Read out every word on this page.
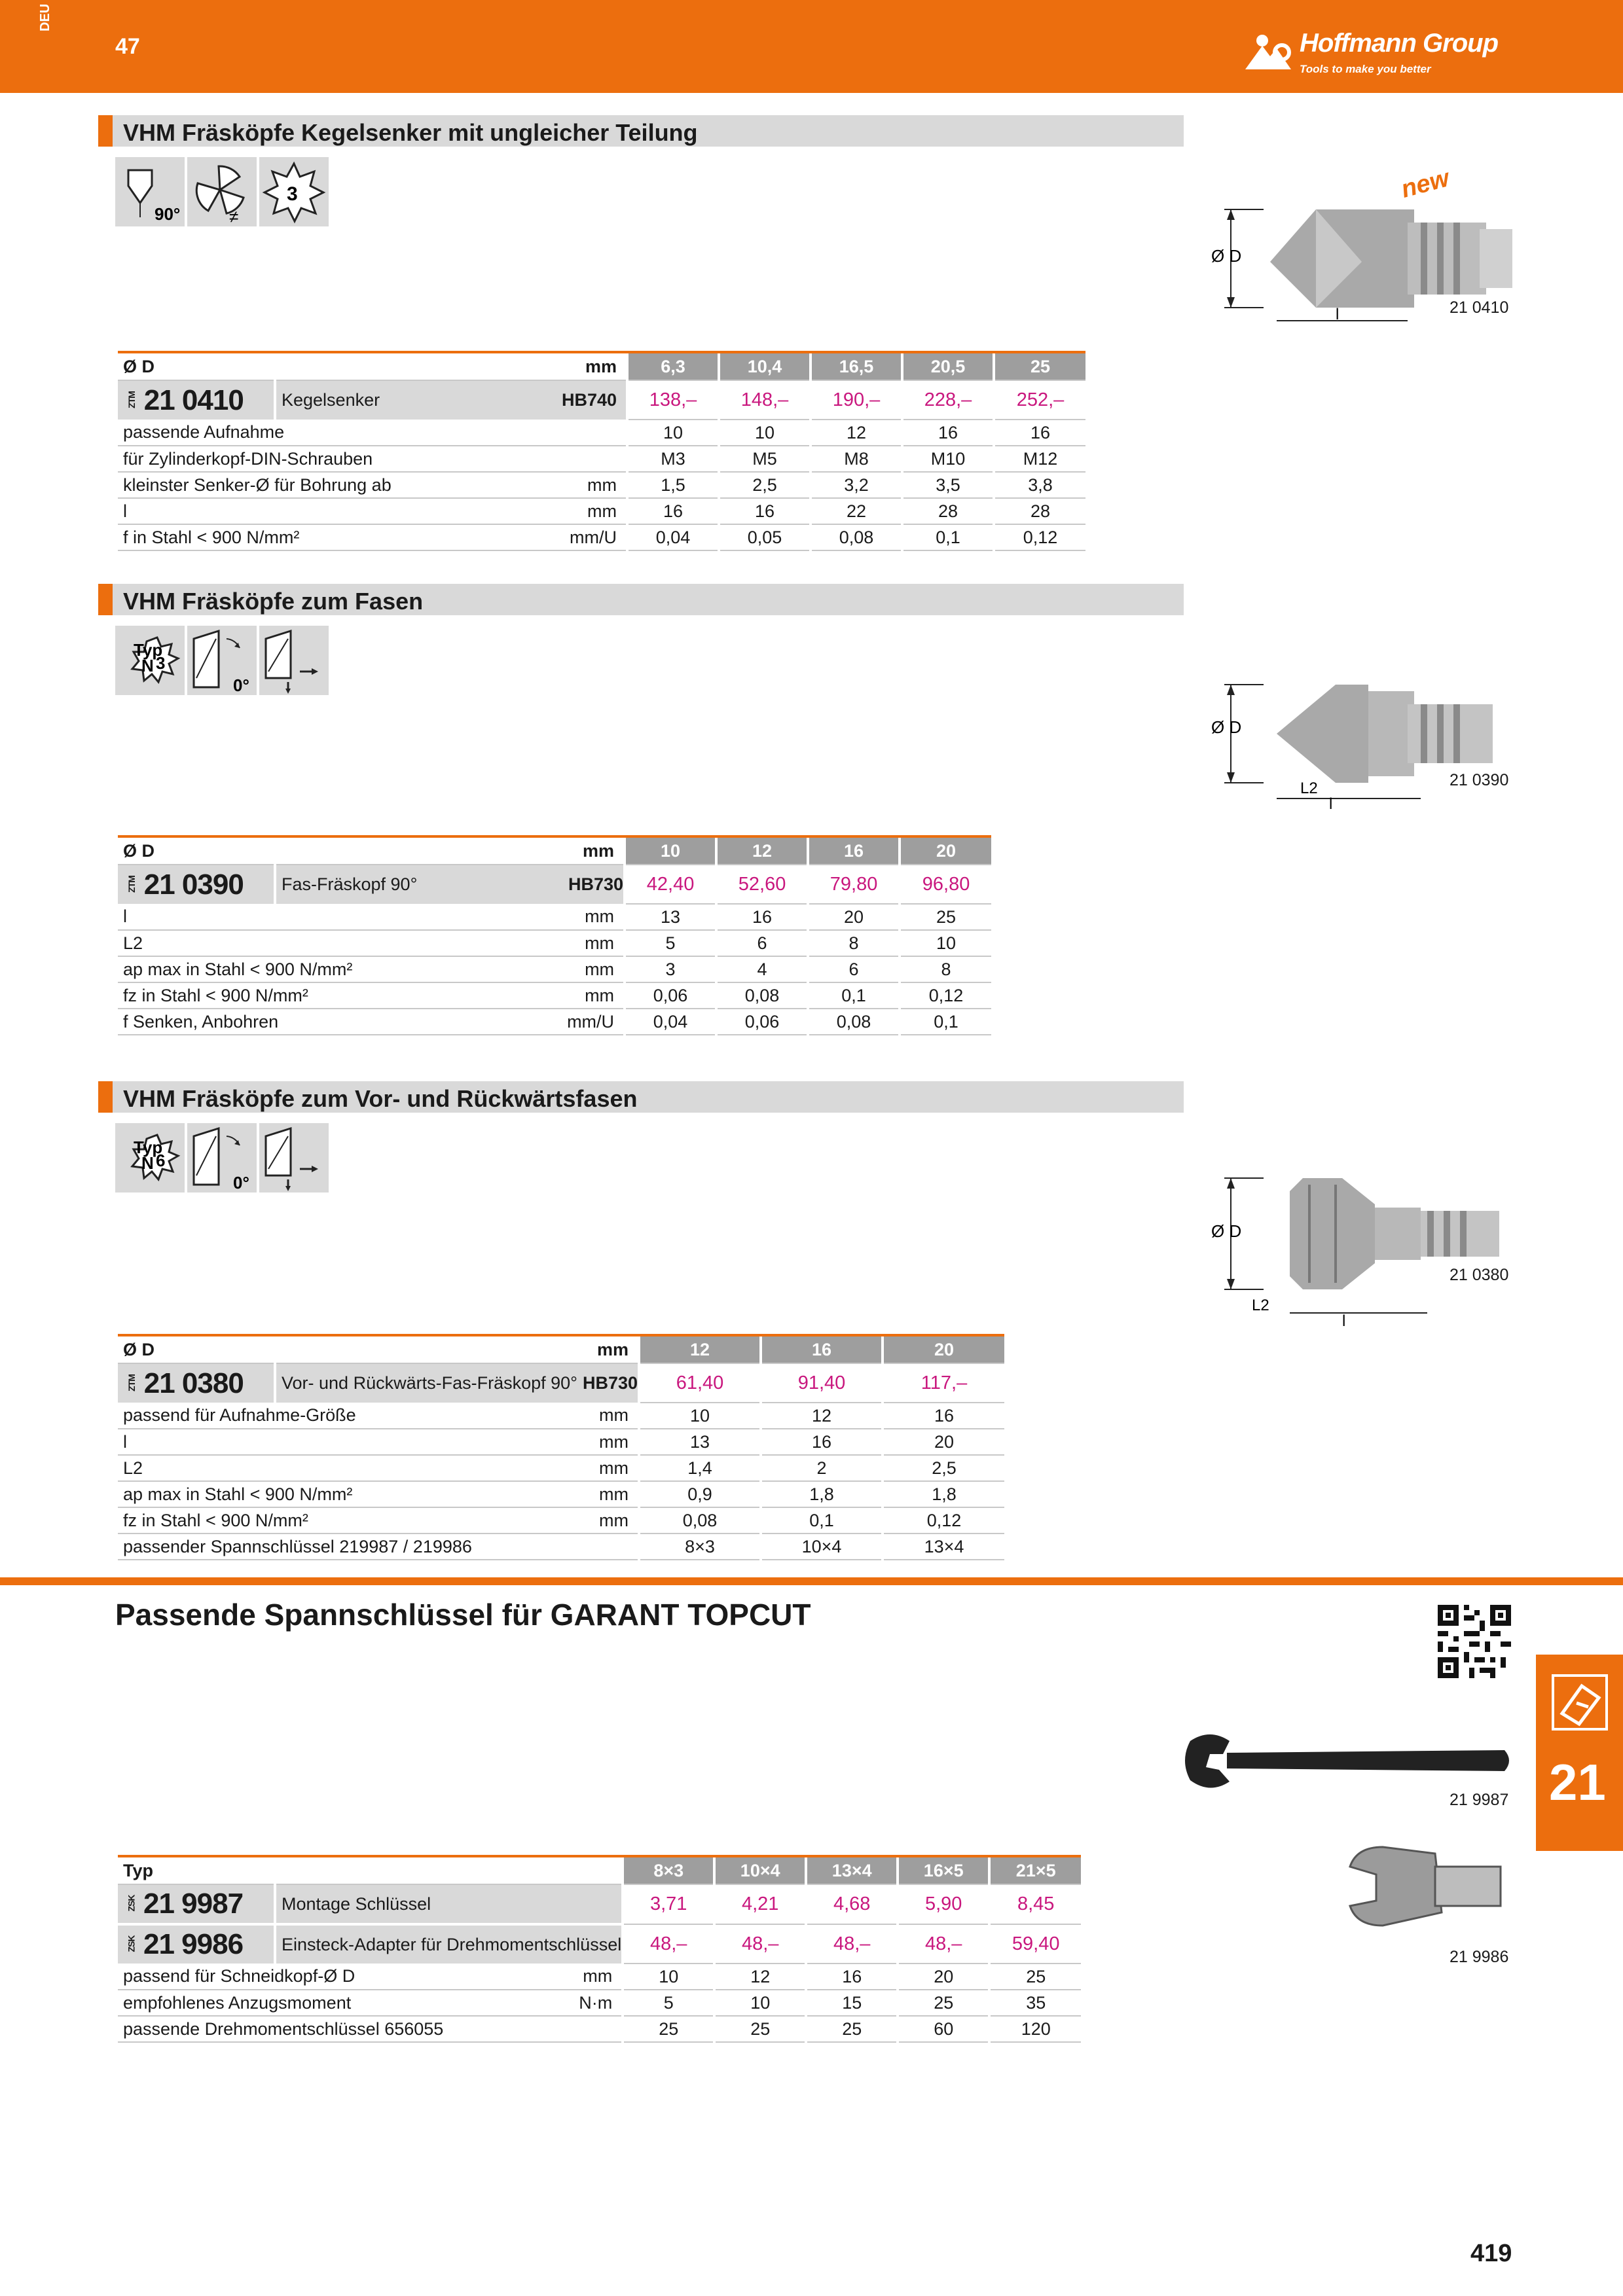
DEU
47	Hoffmann Group
Tools to make you better
VHM Fräsköpfe Kegelsenker mit ungleicher Teilung
90°	≠
3
Ø D
l
new
21 0410
Ø D		mm	6,3	10,4	16,5	20,5	25
ZTM 21 0410	Kegelsenker	HB740	138,–	148,–	190,–	228,–	252,–
passende Aufnahme			10	10	12	16	16
für Zylinderkopf-DIN-Schrauben			M3	M5	M8	M10	M12
kleinster Senker-Ø für Bohrung ab		mm	1,5	2,5	3,2	3,5	3,8
l		mm	16	16	22	28	28
f in Stahl < 900 N/mm²		mm/U	0,04	0,05	0,08	0,1	0,12
VHM Fräsköpfe zum Fasen
Typ
N 3
0°
Ø D
L2
l
21 0390
Ø D		mm	10	12	16	20
ZTM 21 0390	Fas-Fräskopf 90°	HB730	42,40	52,60	79,80	96,80
l		mm	13	16	20	25
L2		mm	5	6	8	10
ap max in Stahl < 900 N/mm²		mm	3	4	6	8
fz in Stahl < 900 N/mm²		mm	0,06	0,08	0,1	0,12
f Senken, Anbohren		mm/U	0,04	0,06	0,08	0,1
VHM Fräsköpfe zum Vor- und Rückwärtsfasen
Typ
N 6
0°
Ø D
L2
l
21 0380
Ø D		mm	12	16	20
ZTM 21 0380	Vor- und Rückwärts-Fas-Fräskopf 90°	HB730	61,40	91,40	117,–
passend für Aufnahme-Größe		mm	10	12	16
l		mm	13	16	20
L2		mm	1,4	2	2,5
ap max in Stahl < 900 N/mm²		mm	0,9	1,8	1,8
fz in Stahl < 900 N/mm²		mm	0,08	0,1	0,12
passender Spannschlüssel 219987 / 219986			8×3	10×4	13×4
Passende Spannschlüssel für GARANT TOPCUT
21
21 9987
21 9986
Typ			8×3	10×4	13×4	16×5	21×5
ZSK 21 9987	Montage Schlüssel		3,71	4,21	4,68	5,90	8,45
ZSK 21 9986	Einsteck-Adapter für Drehmomentschlüssel		48,–	48,–	48,–	48,–	59,40
passend für Schneidkopf-Ø D		mm	10	12	16	20	25
empfohlenes Anzugsmoment		N·m	5	10	15	25	35
passende Drehmomentschlüssel 656055			25	25	25	60	120
419
